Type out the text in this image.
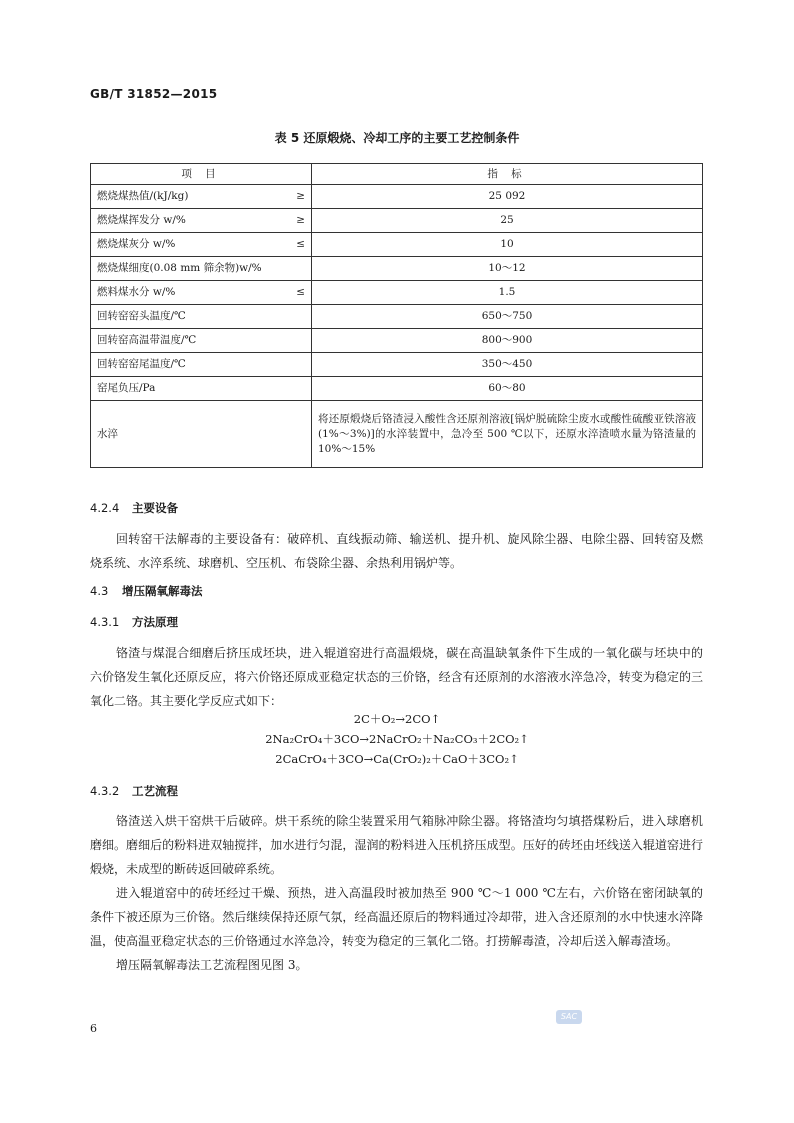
GB/T 31852—2015
表 5 还原煅烧、冷却工序的主要工艺控制条件
项 目	指 标

燃烧煤热值/(kJ/kg) ≥	25 092

燃烧煤挥发分 w/% ≥	25

燃烧煤灰分 w/% ≤	10

燃烧煤细度(0.08 mm 筛余物)w/%	10～12

燃料煤水分 w/% ≤	1.5

回转窑窑头温度/℃	650～750

回转窑高温带温度/℃	800～900

回转窑窑尾温度/℃	350～450

窑尾负压/Pa	60～80

水淬	将还原煅烧后铬渣浸入酸性含还原剂溶液[锅炉脱硫除尘废水或酸性硫酸亚铁溶液(1%～3%)]的水淬装置中，急冷至 500 ℃以下，还原水淬渣喷水量为铬渣量的 10%～15%
4.2.4 主要设备

回转窑干法解毒的主要设备有：破碎机、直线振动筛、输送机、提升机、旋风除尘器、电除尘器、回转窑及燃烧系统、水淬系统、球磨机、空压机、布袋除尘器、余热利用锅炉等。

4.3 增压隔氧解毒法
4.3.1 方法原理

铬渣与煤混合细磨后挤压成坯块，进入辊道窑进行高温煅烧，碳在高温缺氧条件下生成的一氧化碳与坯块中的六价铬发生氧化还原反应，将六价铬还原成亚稳定状态的三价铬，经含有还原剂的水溶液水淬急冷，转变为稳定的三氧化二铬。其主要化学反应式如下：

2C＋O₂→2CO↑
2Na₂CrO₄＋3CO→2NaCrO₂＋Na₂CO₃＋2CO₂↑
2CaCrO₄＋3CO→Ca(CrO₂)₂＋CaO＋3CO₂↑
4.3.2 工艺流程

铬渣送入烘干窑烘干后破碎。烘干系统的除尘装置采用气箱脉冲除尘器。将铬渣均匀填搭煤粉后，进入球磨机磨细。磨细后的粉料进双轴搅拌，加水进行匀混，湿润的粉料进入压机挤压成型。压好的砖坯由坯线送入辊道窑进行煅烧，未成型的断砖返回破碎系统。

进入辊道窑中的砖坯经过干燥、预热，进入高温段时被加热至 900 ℃～1 000 ℃左右，六价铬在密闭缺氧的条件下被还原为三价铬。然后继续保持还原气氛，经高温还原后的物料通过冷却带，进入含还原剂的水中快速水淬降温，使高温亚稳定状态的三价铬通过水淬急冷，转变为稳定的三氧化二铬。打捞解毒渣，冷却后送入解毒渣场。

增压隔氧解毒法工艺流程图见图 3。

6
SAC
